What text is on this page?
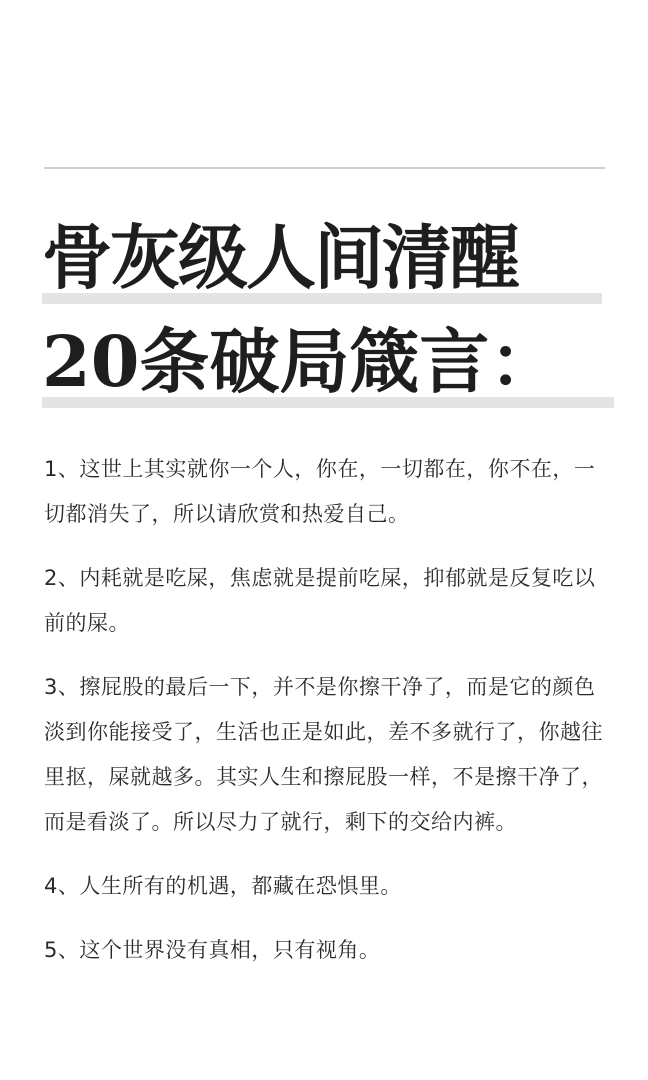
骨灰级人间清醒
20条破局箴言：

1、这世上其实就你一个人，你在，一切都在，你不在，一切都消失了，所以请欣赏和热爱自己。

2、内耗就是吃屎，焦虑就是提前吃屎，抑郁就是反复吃以前的屎。

3、擦屁股的最后一下，并不是你擦干净了，而是它的颜色淡到你能接受了，生活也正是如此，差不多就行了，你越往里抠，屎就越多。其实人生和擦屁股一样，不是擦干净了，而是看淡了。所以尽力了就行，剩下的交给内裤。

4、人生所有的机遇，都藏在恐惧里。

5、这个世界没有真相，只有视角。
